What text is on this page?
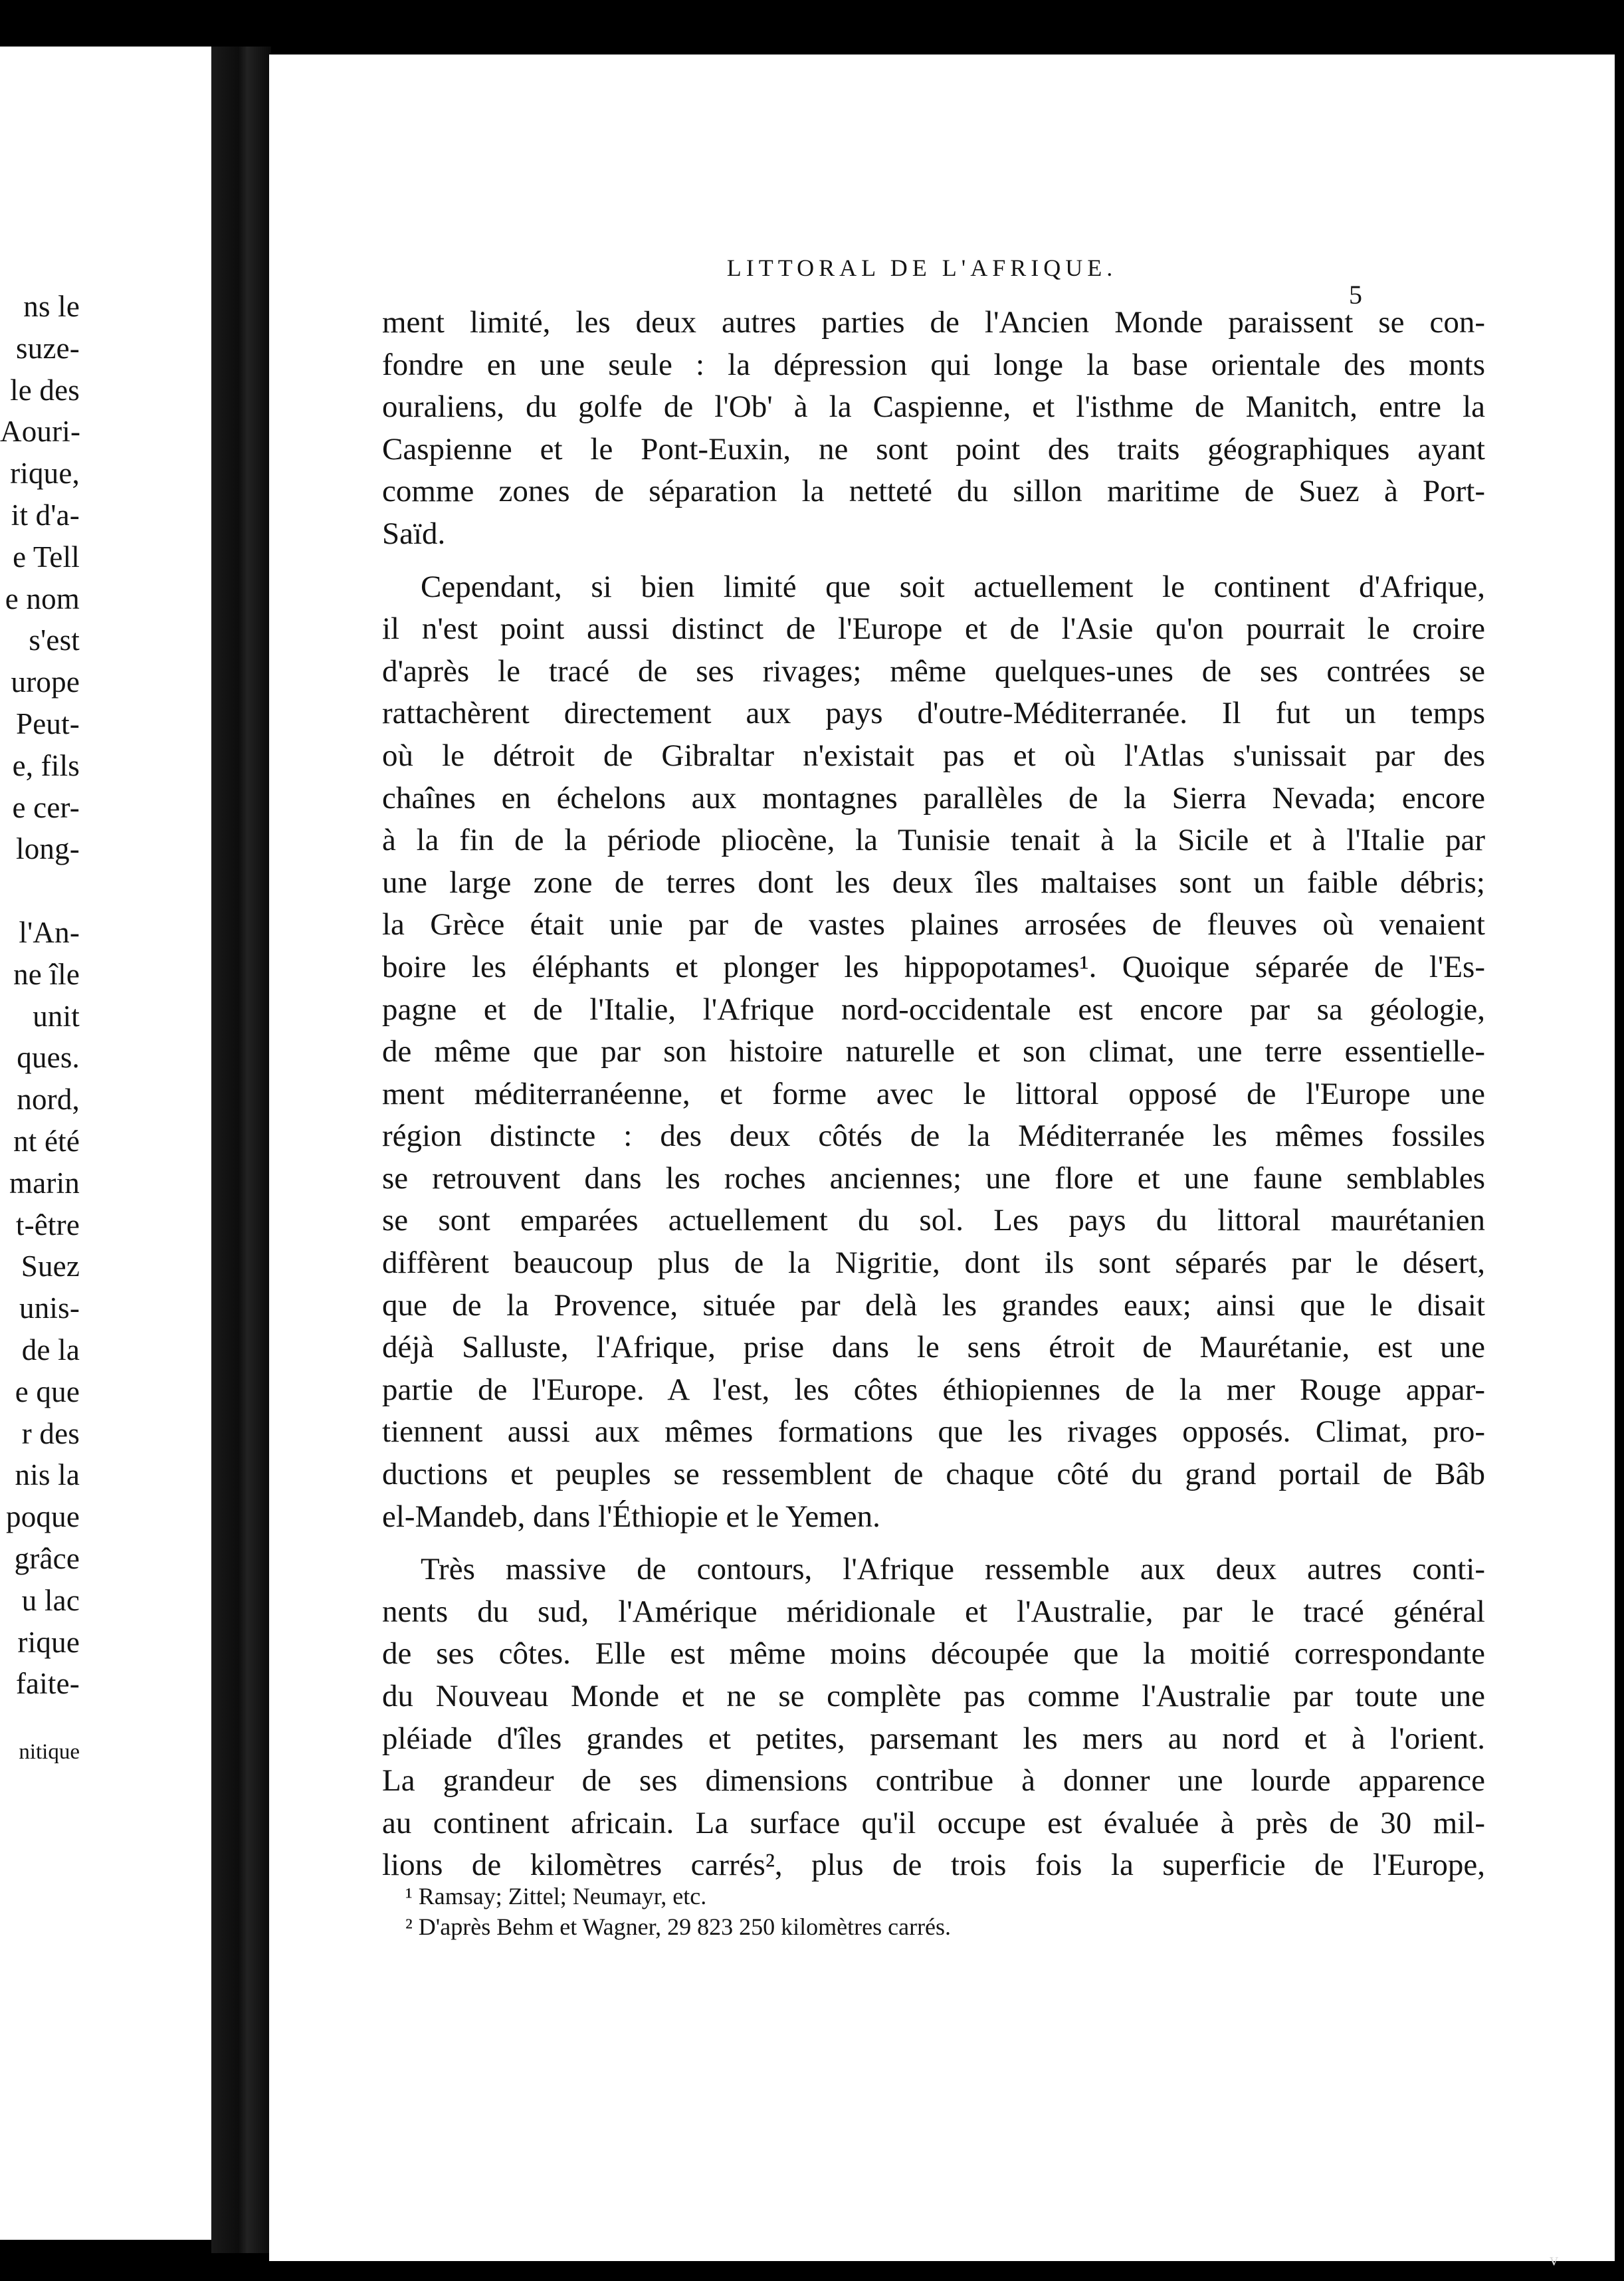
ns le
suze-
le des
Aouri-
rique,
it d'a-
e Tell
e nom
s'est
urope
Peut-
e, fils
e cer-
long-

l'An-
ne île
unit
ques.
nord,
nt été
marin
t-être
Suez
unis-
de la
e que
r des
nis la
poque
grâce
u lac
rique
faite-
nitique
LITTORAL DE L'AFRIQUE.
5
ment limité, les deux autres parties de l'Ancien Monde paraissent se con-
fondre en une seule : la dépression qui longe la base orientale des monts
ouraliens, du golfe de l'Ob' à la Caspienne, et l'isthme de Manitch, entre la
Caspienne et le Pont-Euxin, ne sont point des traits géographiques ayant
comme zones de séparation la netteté du sillon maritime de Suez à Port-
Saïd.
Cependant, si bien limité que soit actuellement le continent d'Afrique,
il n'est point aussi distinct de l'Europe et de l'Asie qu'on pourrait le croire
d'après le tracé de ses rivages; même quelques-unes de ses contrées se
rattachèrent directement aux pays d'outre-Méditerranée. Il fut un temps
où le détroit de Gibraltar n'existait pas et où l'Atlas s'unissait par des
chaînes en échelons aux montagnes parallèles de la Sierra Nevada; encore
à la fin de la période pliocène, la Tunisie tenait à la Sicile et à l'Italie par
une large zone de terres dont les deux îles maltaises sont un faible débris;
la Grèce était unie par de vastes plaines arrosées de fleuves où venaient
boire les éléphants et plonger les hippopotames¹. Quoique séparée de l'Es-
pagne et de l'Italie, l'Afrique nord-occidentale est encore par sa géologie,
de même que par son histoire naturelle et son climat, une terre essentielle-
ment méditerranéenne, et forme avec le littoral opposé de l'Europe une
région distincte : des deux côtés de la Méditerranée les mêmes fossiles
se retrouvent dans les roches anciennes; une flore et une faune semblables
se sont emparées actuellement du sol. Les pays du littoral maurétanien
diffèrent beaucoup plus de la Nigritie, dont ils sont séparés par le désert,
que de la Provence, située par delà les grandes eaux; ainsi que le disait
déjà Salluste, l'Afrique, prise dans le sens étroit de Maurétanie, est une
partie de l'Europe. A l'est, les côtes éthiopiennes de la mer Rouge appar-
tiennent aussi aux mêmes formations que les rivages opposés. Climat, pro-
ductions et peuples se ressemblent de chaque côté du grand portail de Bâb
el-Mandeb, dans l'Éthiopie et le Yemen.
Très massive de contours, l'Afrique ressemble aux deux autres conti-
nents du sud, l'Amérique méridionale et l'Australie, par le tracé général
de ses côtes. Elle est même moins découpée que la moitié correspondante
du Nouveau Monde et ne se complète pas comme l'Australie par toute une
pléiade d'îles grandes et petites, parsemant les mers au nord et à l'orient.
La grandeur de ses dimensions contribue à donner une lourde apparence
au continent africain. La surface qu'il occupe est évaluée à près de 30 mil-
lions de kilomètres carrés², plus de trois fois la superficie de l'Europe,
¹ Ramsay; Zittel; Neumayr, etc.
² D'après Behm et Wagner, 29 823 250 kilomètres carrés.
v
